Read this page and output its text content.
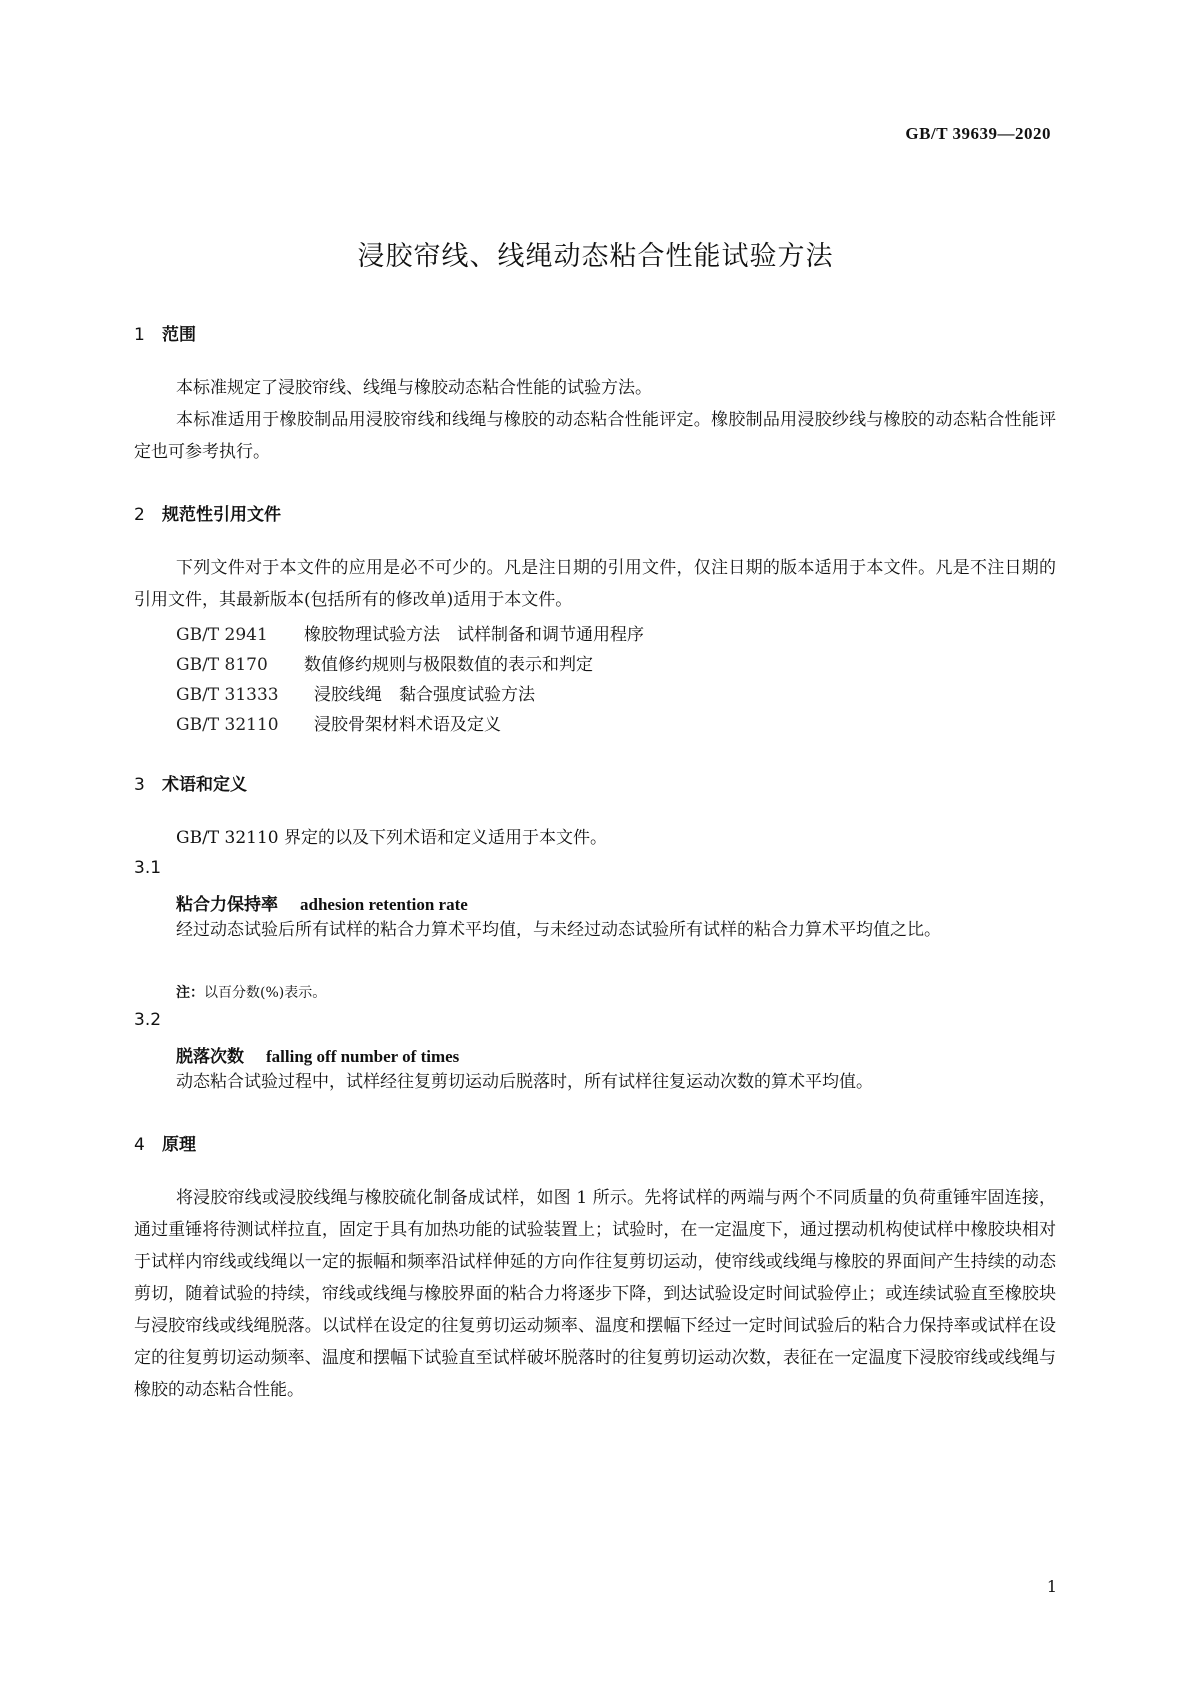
GB/T 39639—2020
浸胶帘线、线绳动态粘合性能试验方法
1 范围
本标准规定了浸胶帘线、线绳与橡胶动态粘合性能的试验方法。
本标准适用于橡胶制品用浸胶帘线和线绳与橡胶的动态粘合性能评定。橡胶制品用浸胶纱线与橡胶的动态粘合性能评定也可参考执行。
2 规范性引用文件
下列文件对于本文件的应用是必不可少的。凡是注日期的引用文件，仅注日期的版本适用于本文件。凡是不注日期的引用文件，其最新版本(包括所有的修改单)适用于本文件。
GB/T 2941 橡胶物理试验方法　试样制备和调节通用程序
GB/T 8170 数值修约规则与极限数值的表示和判定
GB/T 31333 浸胶线绳　黏合强度试验方法
GB/T 32110 浸胶骨架材料术语及定义
3 术语和定义
GB/T 32110 界定的以及下列术语和定义适用于本文件。
3.1
粘合力保持率 adhesion retention rate
经过动态试验后所有试样的粘合力算术平均值，与未经过动态试验所有试样的粘合力算术平均值之比。
注：以百分数(%)表示。
3.2
脱落次数 falling off number of times
动态粘合试验过程中，试样经往复剪切运动后脱落时，所有试样往复运动次数的算术平均值。
4 原理
将浸胶帘线或浸胶线绳与橡胶硫化制备成试样，如图 1 所示。先将试样的两端与两个不同质量的负荷重锤牢固连接，通过重锤将待测试样拉直，固定于具有加热功能的试验装置上；试验时，在一定温度下，通过摆动机构使试样中橡胶块相对于试样内帘线或线绳以一定的振幅和频率沿试样伸延的方向作往复剪切运动，使帘线或线绳与橡胶的界面间产生持续的动态剪切，随着试验的持续，帘线或线绳与橡胶界面的粘合力将逐步下降，到达试验设定时间试验停止；或连续试验直至橡胶块与浸胶帘线或线绳脱落。以试样在设定的往复剪切运动频率、温度和摆幅下经过一定时间试验后的粘合力保持率或试样在设定的往复剪切运动频率、温度和摆幅下试验直至试样破坏脱落时的往复剪切运动次数，表征在一定温度下浸胶帘线或线绳与橡胶的动态粘合性能。
1
